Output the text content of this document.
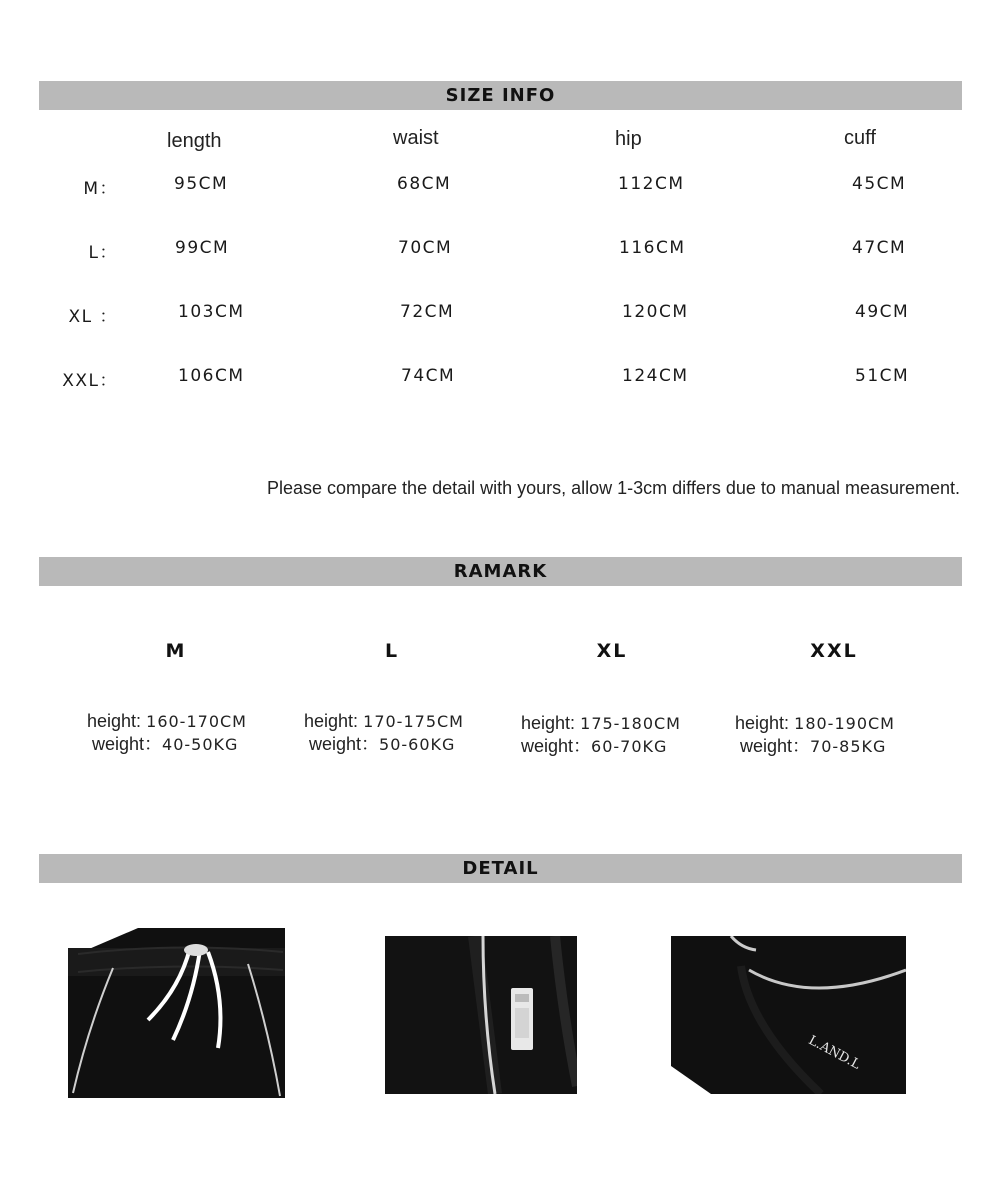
SIZE INFO
length	waist	hip	cuff
M：	95CM	68CM	112CM	45CM
L：	99CM	70CM	116CM	47CM
XL ：	103CM	72CM	120CM	49CM
XXL：	106CM	74CM	124CM	51CM
Please compare the detail with yours, allow 1-3cm differs due to manual measurement.
RAMARK
M	L	XL	XXL
height: 160-170CM
weight：40-50KG
height: 170-175CM
weight：50-60KG
height: 175-180CM
weight：60-70KG
height: 180-190CM
weight：70-85KG
DETAIL
L.AND.L
